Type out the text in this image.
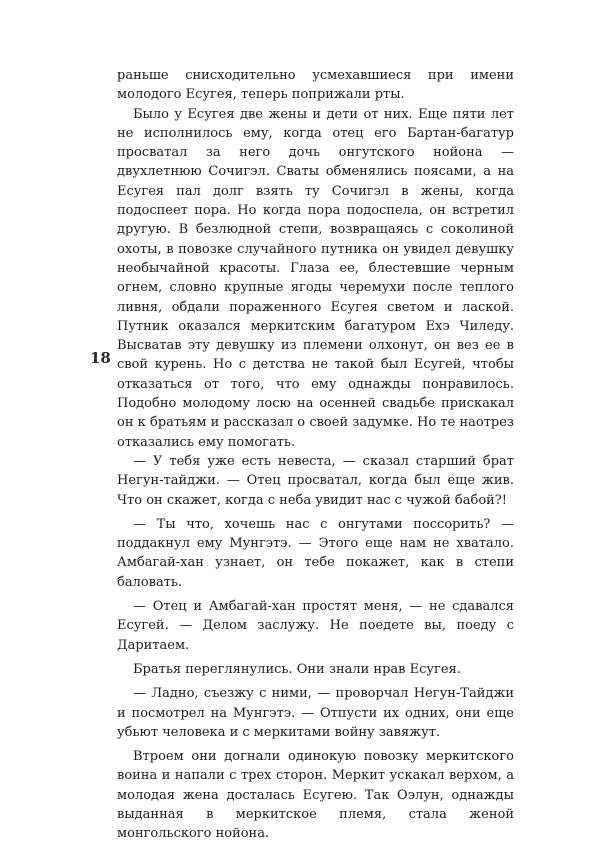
18

раньше снисходительно усмехавшиеся при имени молодого Есугея, теперь поприжали рты.

Было у Есугея две жены и дети от них. Еще пяти лет не исполнилось ему, когда отец его Бартан-багатур просватал за него дочь онгутского нойона — двухлетнюю Сочигэл. Сваты обменялись поясами, а на Есугея пал долг взять ту Сочигэл в жены, когда подоспеет пора. Но когда пора подоспела, он встретил другую. В безлюдной степи, возвращаясь с соколиной охоты, в повозке случайного путника он увидел девушку необычайной красоты. Глаза ее, блестевшие черным огнем, словно крупные ягоды черемухи после теплого ливня, обдали пораженного Есугея светом и лаской. Путник оказался меркитским багатуром Ехэ Чиледу. Высватав эту девушку из племени олхонут, он вез ее в свой курень. Но с детства не такой был Есугей, чтобы отказаться от того, что ему однажды понравилось. Подобно молодому лосю на осенней свадьбе прискакал он к братьям и рассказал о своей задумке. Но те наотрез отказались ему помогать.

— У тебя уже есть невеста, — сказал старший брат Негун-тайджи. — Отец просватал, когда был еще жив. Что он скажет, когда с неба увидит нас с чужой бабой?!

— Ты что, хочешь нас с онгутами поссорить? — поддакнул ему Мунгэтэ. — Этого еще нам не хватало. Амбагай-хан узнает, он тебе покажет, как в степи баловать.

— Отец и Амбагай-хан простят меня, — не сдавался Есугей. — Делом заслужу. Не поедете вы, поеду с Даритаем.

Братья переглянулись. Они знали нрав Есугея.

— Ладно, съезжу с ними, — проворчал Негун-Тайджи и посмотрел на Мунгэтэ. — Отпусти их одних, они еще убьют человека и с меркитами войну завяжут.

Втроем они догнали одинокую повозку меркитского воина и напали с трех сторон. Меркит ускакал верхом, а молодая жена досталась Есугею. Так Оэлун, однажды выданная в меркитское племя, стала женой монгольского нойона.
